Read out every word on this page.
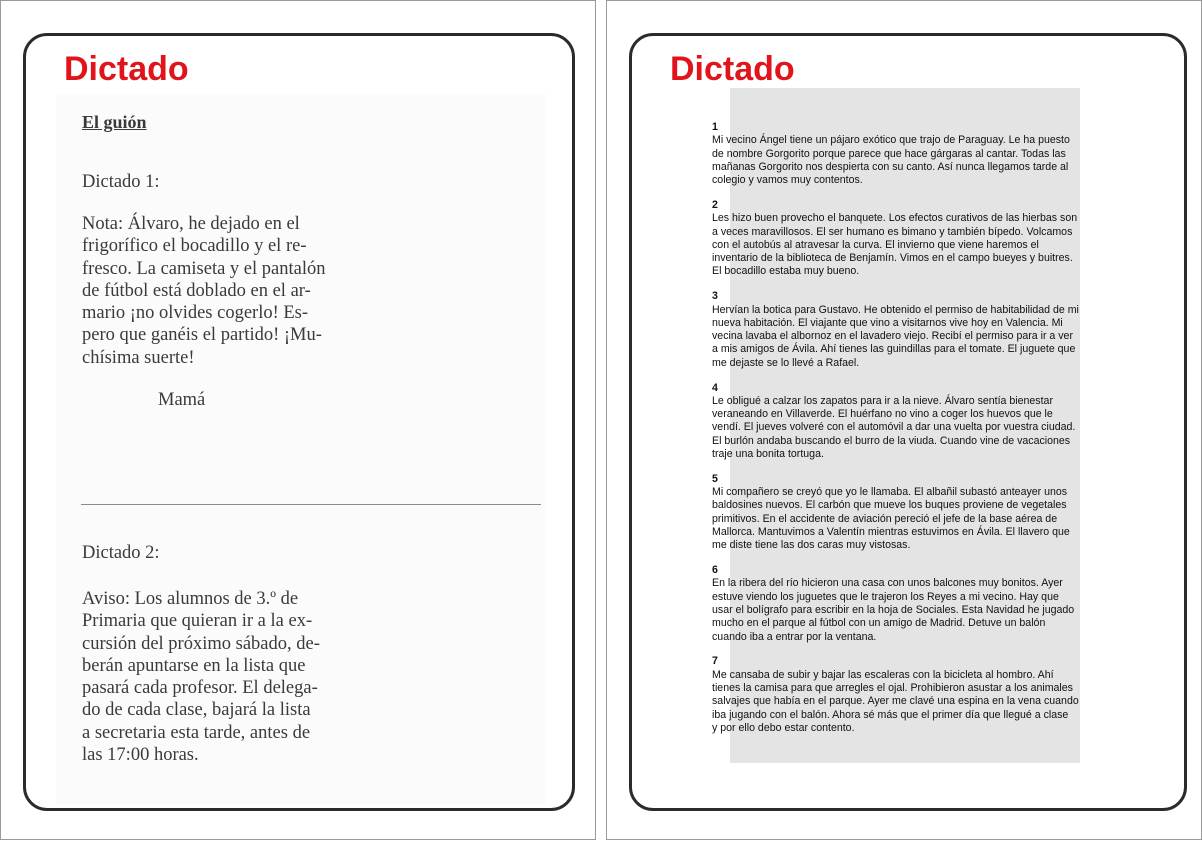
Dictado
El guión
Dictado 1:
Nota: Álvaro, he dejado en el
frigorífico el bocadillo y el re-
fresco. La camiseta y el pantalón
de fútbol está doblado en el ar-
mario ¡no olvides cogerlo! Es-
pero que ganéis el partido! ¡Mu-
chísima suerte!
Mamá
Dictado 2:
Aviso: Los alumnos de 3.º de
Primaria que quieran ir a la ex-
cursión del próximo sábado, de-
berán apuntarse en la lista que
pasará cada profesor. El delega-
do de cada clase, bajará la lista
a secretaria esta tarde, antes de
las 17:00 horas.
Dictado
1
Mi vecino Ángel tiene un pájaro exótico que trajo de Paraguay. Le ha puesto
de nombre Gorgorito porque parece que hace gárgaras al cantar. Todas las
mañanas Gorgorito nos despierta con su canto. Así nunca llegamos tarde al
colegio y vamos muy contentos.
2
Les hizo buen provecho el banquete. Los efectos curativos de las hierbas son
a veces maravillosos. El ser humano es bimano y también bípedo. Volcamos
con el autobús al atravesar la curva. El invierno que viene haremos el
inventario de la biblioteca de Benjamín. Vimos en el campo bueyes y buitres.
El bocadillo estaba muy bueno.
3
Hervían la botica para Gustavo. He obtenido el permiso de habitabilidad de mi
nueva habitación. El viajante que vino a visitarnos vive hoy en Valencia. Mi
vecina lavaba el albornoz en el lavadero viejo. Recibí el permiso para ir a ver
a mis amigos de Ávila. Ahí tienes las guindillas para el tomate. El juguete que
me dejaste se lo llevé a Rafael.
4
Le obligué a calzar los zapatos para ir a la nieve. Álvaro sentía bienestar
veraneando en Villaverde. El huérfano no vino a coger los huevos que le
vendí. El jueves volveré con el automóvil a dar una vuelta por vuestra ciudad.
El burlón andaba buscando el burro de la viuda. Cuando vine de vacaciones
traje una bonita tortuga.
5
Mi compañero se creyó que yo le llamaba. El albañil subastó anteayer unos
baldosines nuevos. El carbón que mueve los buques proviene de vegetales
primitivos. En el accidente de aviación pereció el jefe de la base aérea de
Mallorca. Mantuvimos a Valentín mientras estuvimos en Ávila. El llavero que
me diste tiene las dos caras muy vistosas.
6
En la ribera del río hicieron una casa con unos balcones muy bonitos. Ayer
estuve viendo los juguetes que le trajeron los Reyes a mi vecino. Hay que
usar el bolígrafo para escribir en la hoja de Sociales. Esta Navidad he jugado
mucho en el parque al fútbol con un amigo de Madrid. Detuve un balón
cuando iba a entrar por la ventana.
7
Me cansaba de subir y bajar las escaleras con la bicicleta al hombro. Ahí
tienes la camisa para que arregles el ojal. Prohibieron asustar a los animales
salvajes que había en el parque. Ayer me clavé una espina en la vena cuando
iba jugando con el balón. Ahora sé más que el primer día que llegué a clase
y por ello debo estar contento.
